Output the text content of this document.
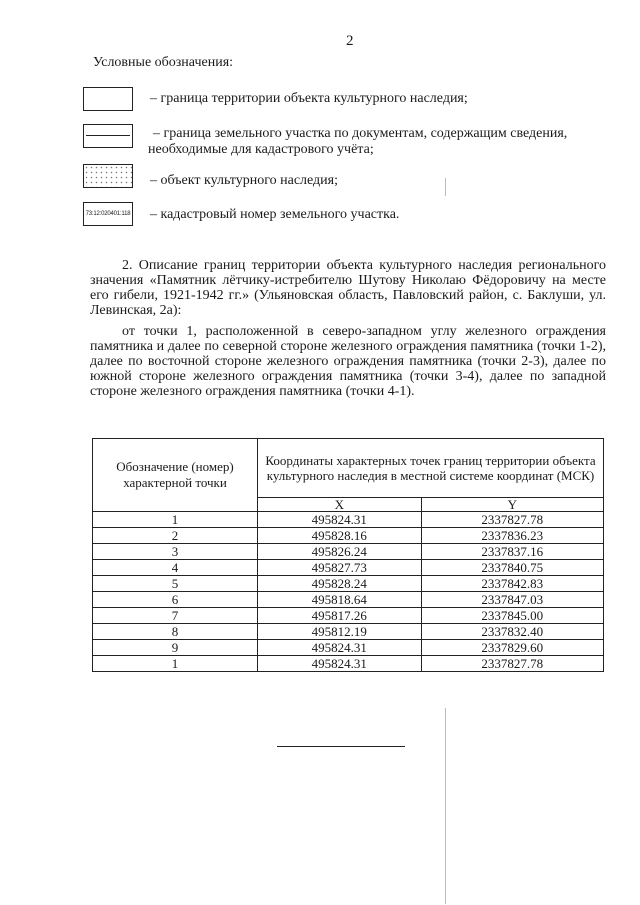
2
Условные обозначения:
– граница территории объекта культурного наследия;
– граница земельного участка по документам, содержащим сведения, необходимые для кадастрового учёта;
– объект культурного наследия;
73:12:020401:118 – кадастровый номер земельного участка.
2. Описание границ территории объекта культурного наследия регионального значения «Памятник лётчику-истребителю Шутову Николаю Фёдоровичу на месте его гибели, 1921-1942 гг.» (Ульяновская область, Павловский район, с. Баклуши, ул. Левинская, 2а):
от точки 1, расположенной в северо-западном углу железного ограждения памятника и далее по северной стороне железного ограждения памятника (точки 1-2), далее по восточной стороне железного ограждения памятника (точки 2-3), далее по южной стороне железного ограждения памятника (точки 3-4), далее по западной стороне железного ограждения памятника (точки 4-1).
Обозначение (номер) характерной точки	Координаты характерных точек границ территории объекта культурного наследия в местной системе координат (МСК)	
	X	Y
1	495824.31	2337827.78
2	495828.16	2337836.23
3	495826.24	2337837.16
4	495827.73	2337840.75
5	495828.24	2337842.83
6	495818.64	2337847.03
7	495817.26	2337845.00
8	495812.19	2337832.40
9	495824.31	2337829.60
1	495824.31	2337827.78
